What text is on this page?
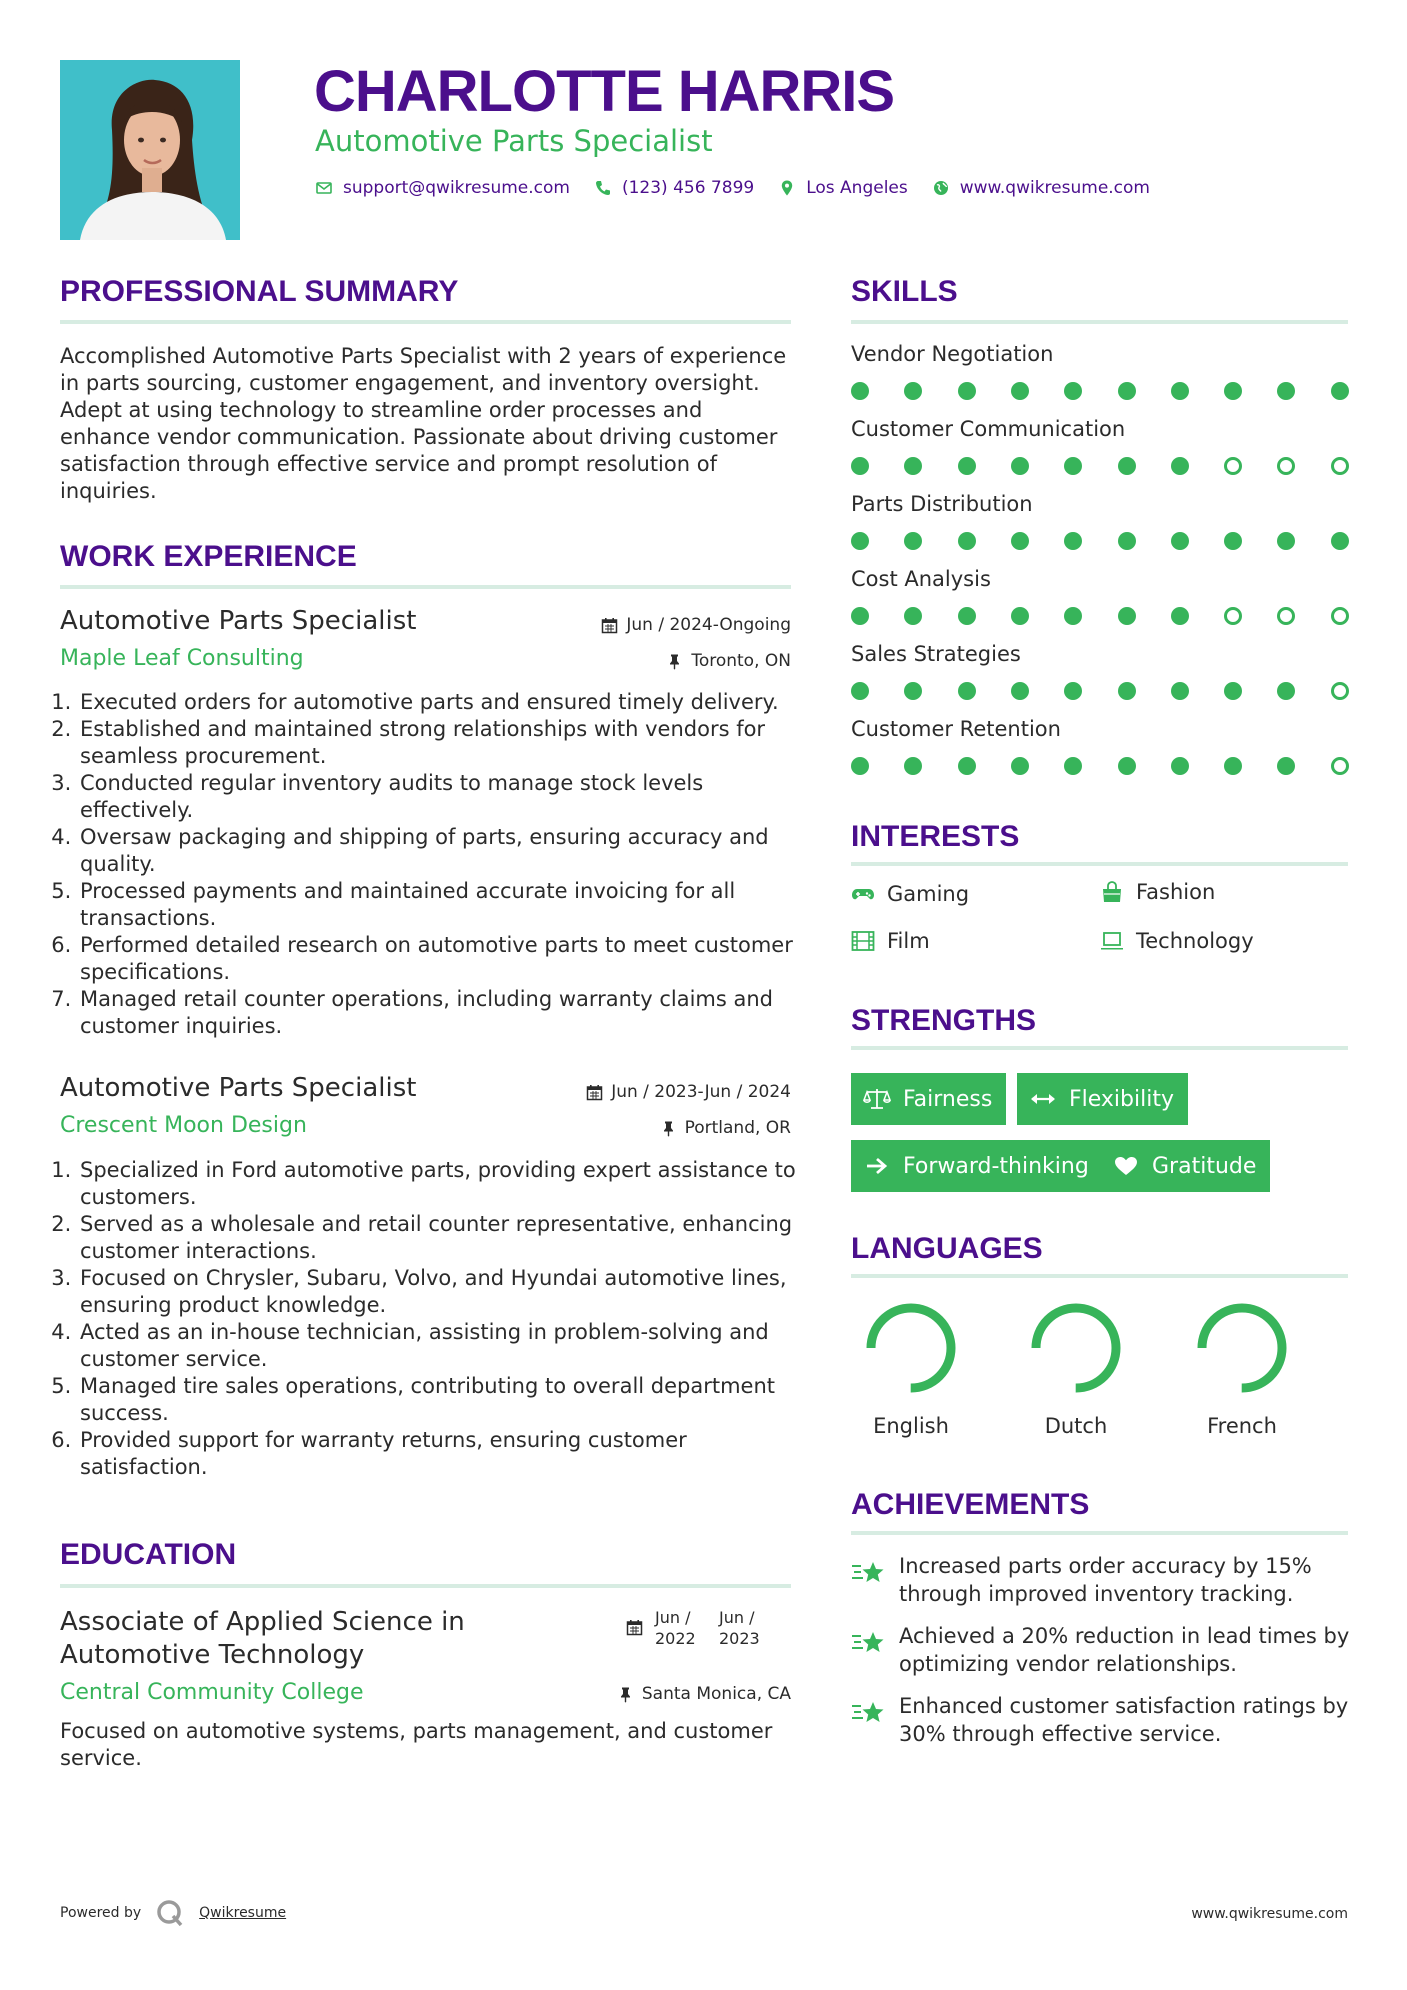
CHARLOTTE HARRIS
Automotive Parts Specialist
support@qwikresume.com	(123) 456 7899	Los Angeles	www.qwikresume.com
PROFESSIONAL SUMMARY
Accomplished Automotive Parts Specialist with 2 years of experience in parts sourcing, customer engagement, and inventory oversight. Adept at using technology to streamline order processes and enhance vendor communication. Passionate about driving customer satisfaction through effective service and prompt resolution of inquiries.
WORK EXPERIENCE
Automotive Parts Specialist	Jun / 2024-Ongoing
Maple Leaf Consulting	Toronto, ON
1. Executed orders for automotive parts and ensured timely delivery.
2. Established and maintained strong relationships with vendors for seamless procurement.
3. Conducted regular inventory audits to manage stock levels effectively.
4. Oversaw packaging and shipping of parts, ensuring accuracy and quality.
5. Processed payments and maintained accurate invoicing for all transactions.
6. Performed detailed research on automotive parts to meet customer specifications.
7. Managed retail counter operations, including warranty claims and customer inquiries.
Automotive Parts Specialist	Jun / 2023-Jun / 2024
Crescent Moon Design	Portland, OR
1. Specialized in Ford automotive parts, providing expert assistance to customers.
2. Served as a wholesale and retail counter representative, enhancing customer interactions.
3. Focused on Chrysler, Subaru, Volvo, and Hyundai automotive lines, ensuring product knowledge.
4. Acted as an in-house technician, assisting in problem-solving and customer service.
5. Managed tire sales operations, contributing to overall department success.
6. Provided support for warranty returns, ensuring customer satisfaction.
EDUCATION
Associate of Applied Science in Automotive Technology
Jun / 2022
Jun / 2023
Central Community College	Santa Monica, CA
Focused on automotive systems, parts management, and customer service.
SKILLS
Vendor Negotiation
Customer Communication
Parts Distribution
Cost Analysis
Sales Strategies
Customer Retention
INTERESTS
Gaming	Fashion
Film	Technology
STRENGTHS
Fairness	Flexibility
Forward-thinking	Gratitude
LANGUAGES
English	Dutch	French
ACHIEVEMENTS
Increased parts order accuracy by 15% through improved inventory tracking.
Achieved a 20% reduction in lead times by optimizing vendor relationships.
Enhanced customer satisfaction ratings by 30% through effective service.
Powered by	Qwikresume	www.qwikresume.com
